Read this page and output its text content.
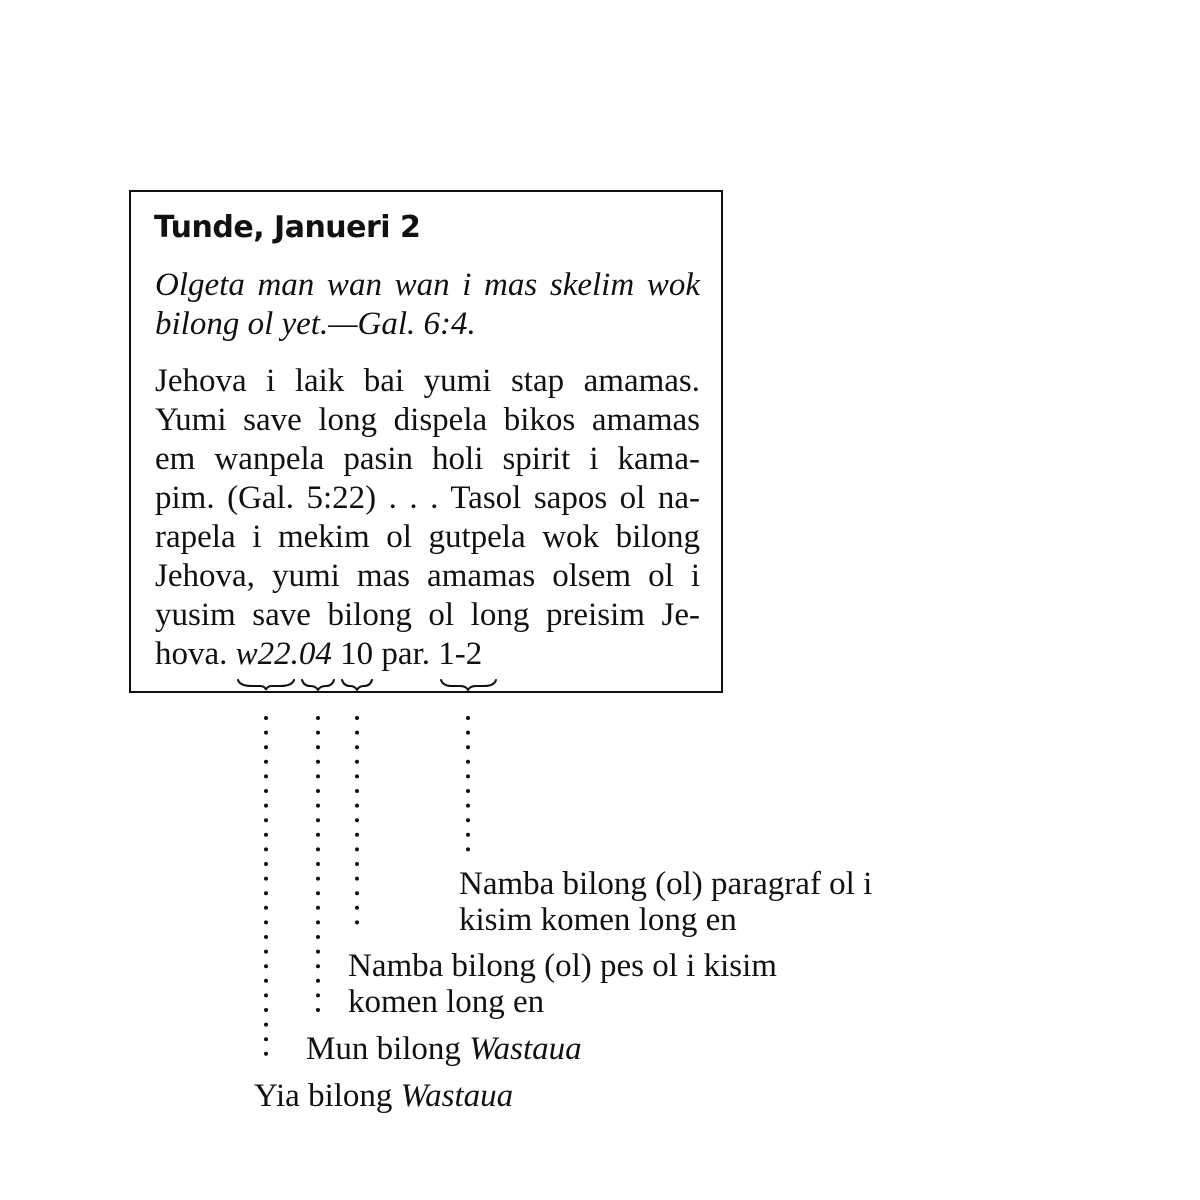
Tunde, Janueri 2
Olgeta man wan wan i mas skelim wok
bilong ol yet.—Gal. 6:4.
Jehova i laik bai yumi stap amamas.
Yumi save long dispela bikos amamas
em wanpela pasin holi spirit i kama-
pim. (Gal. 5:22) . . . Tasol sapos ol na-
rapela i mekim ol gutpela wok bilong
Jehova, yumi mas amamas olsem ol i
yusim save bilong ol long preisim Je-
hova. w22.04 10 par. 1-2
Namba bilong (ol) paragraf ol i
kisim komen long en
Namba bilong (ol) pes ol i kisim
komen long en
Mun bilong Wastaua
Yia bilong Wastaua
